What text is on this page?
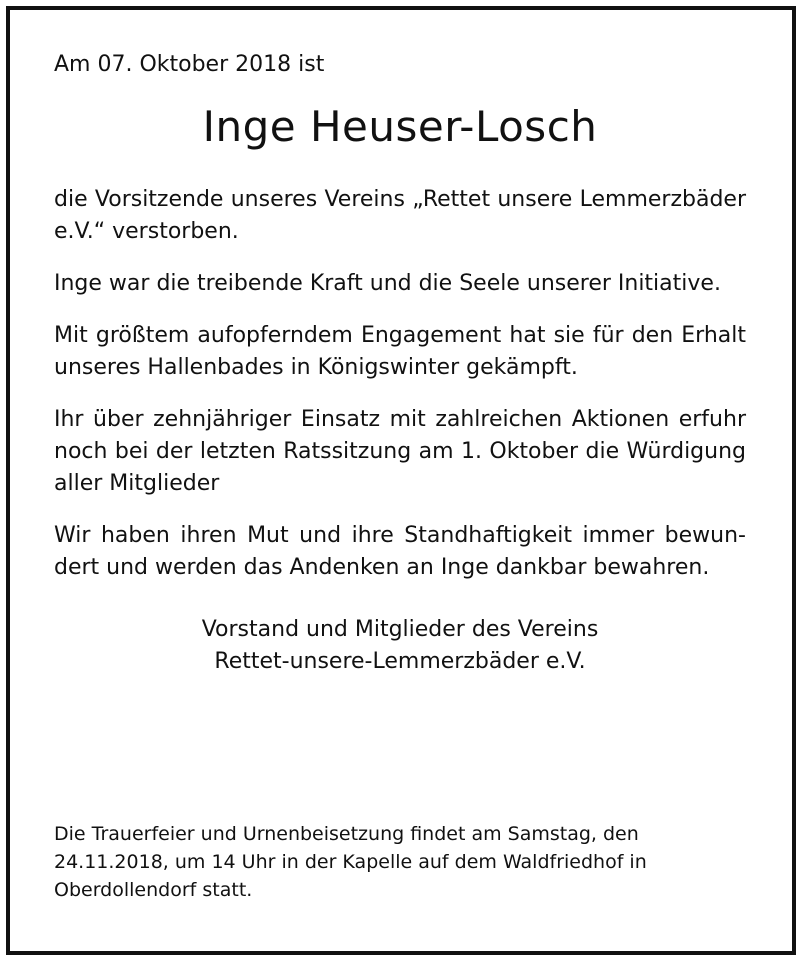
Am 07. Oktober 2018 ist

Inge Heuser-Losch

die Vorsitzende unseres Vereins „Rettet unsere Lemmerzbäder e.V.“ verstorben.

Inge war die treibende Kraft und die Seele unserer Initiative.

Mit größtem aufopferndem Engagement hat sie für den Erhalt unseres Hallenbades in Königswinter gekämpft.

Ihr über zehnjähriger Einsatz mit zahlreichen Aktionen erfuhr noch bei der letzten Ratssitzung am 1. Oktober die Würdigung aller Mitglieder

Wir haben ihren Mut und ihre Standhaftigkeit immer bewun-dert und werden das Andenken an Inge dankbar bewahren.

Vorstand und Mitglieder des Vereins
Rettet-unsere-Lemmerzbäder e.V.
Die Trauerfeier und Urnenbeisetzung findet am Samstag, den
24.11.2018, um 14 Uhr in der Kapelle auf dem Waldfriedhof in
Oberdollendorf statt.
